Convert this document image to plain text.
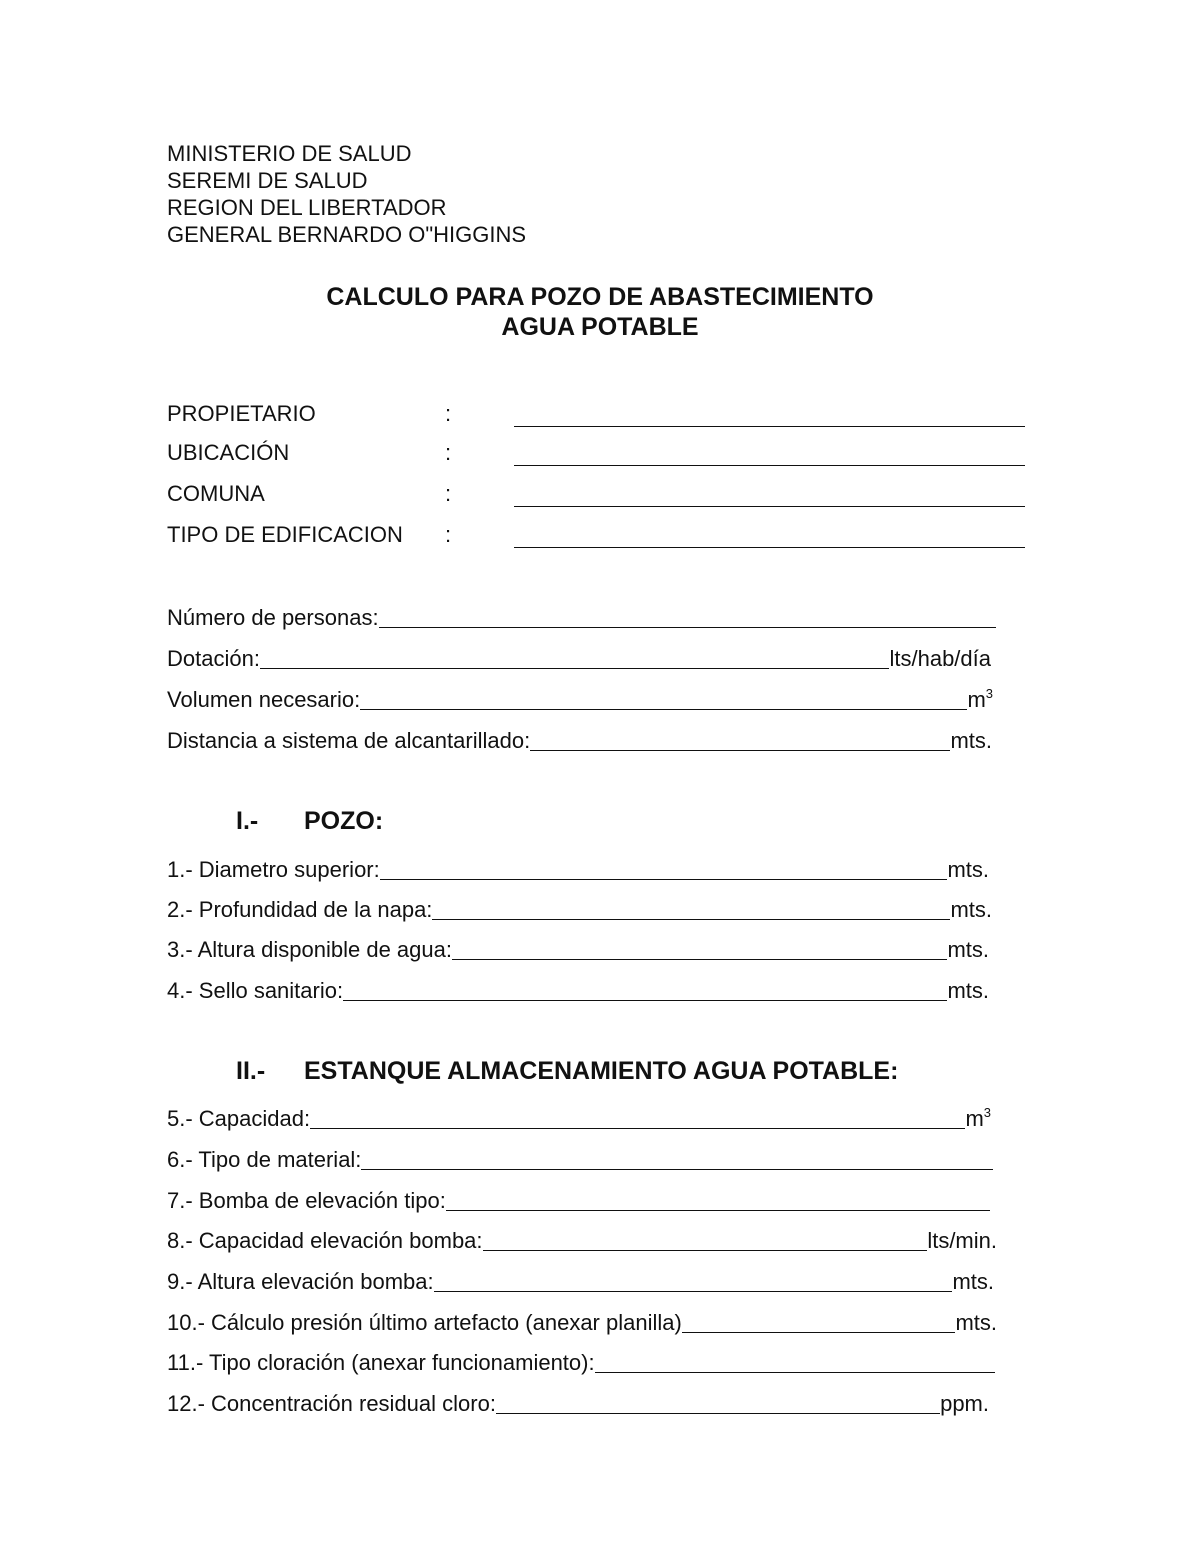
MINISTERIO DE SALUD
SEREMI DE SALUD
REGION DEL LIBERTADOR
GENERAL BERNARDO O"HIGGINS
CALCULO PARA POZO DE ABASTECIMIENTO
AGUA POTABLE
PROPIETARIO	:
UBICACIÓN	:
COMUNA	:
TIPO DE EDIFICACION :
Número de personas:
Dotación:	lts/hab/día
Volumen necesario:	$m^3$
Distancia a sistema de alcantarillado:	mts.
I.- POZO:
1.- Diametro superior:	mts.
2.- Profundidad de la napa:	mts.
3.- Altura disponible de agua:	mts.
4.- Sello sanitario:	mts.
II.- ESTANQUE ALMACENAMIENTO AGUA POTABLE:
5.- Capacidad:	$m^3$
6.- Tipo de material:
7.- Bomba de elevación tipo:
8.- Capacidad elevación bomba:	lts/min.
9.- Altura elevación bomba:	mts.
10.- Cálculo presión último artefacto (anexar planilla)	mts.
11.- Tipo cloración (anexar funcionamiento):
12.- Concentración residual cloro:	ppm.
